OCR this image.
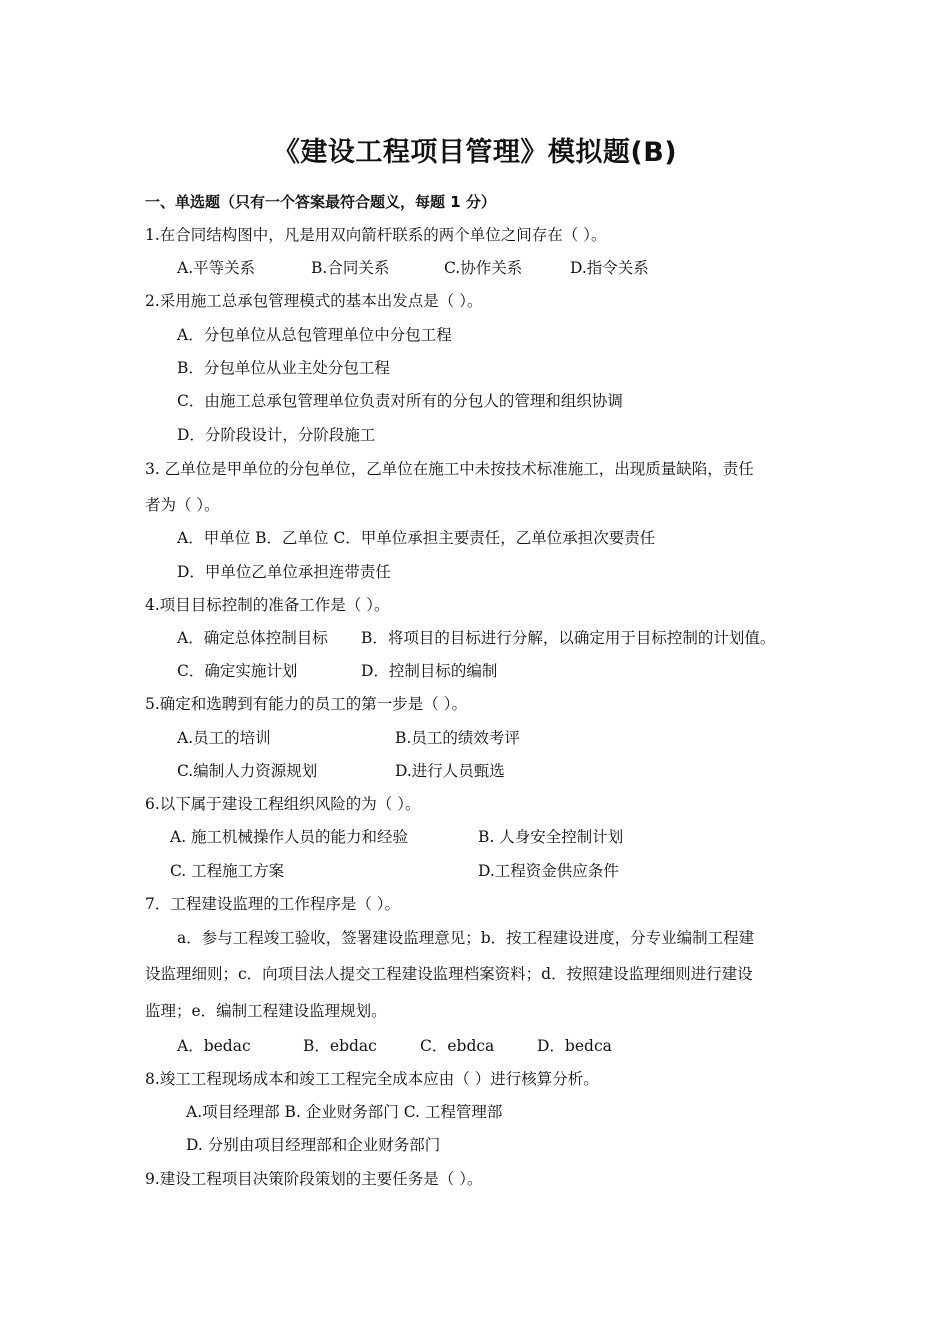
《建设工程项目管理》模拟题(B)
一、单选题（只有一个答案最符合题义，每题 1 分）
1.在合同结构图中，凡是用双向箭杆联系的两个单位之间存在（ ）。
A.平等关系	B.合同关系	C.协作关系	D.指令关系
2.采用施工总承包管理模式的基本出发点是（ ）。
A．分包单位从总包管理单位中分包工程
B．分包单位从业主处分包工程
C．由施工总承包管理单位负责对所有的分包人的管理和组织协调
D．分阶段设计，分阶段施工
3. 乙单位是甲单位的分包单位，乙单位在施工中未按技术标准施工，出现质量缺陷，责任
者为（ ）。
A．甲单位 B．乙单位 C．甲单位承担主要责任，乙单位承担次要责任
D．甲单位乙单位承担连带责任
4.项目目标控制的准备工作是（ ）。
A．确定总体控制目标 B．将项目的目标进行分解，以确定用于目标控制的计划值。
C．确定实施计划	D．控制目标的编制
5.确定和选聘到有能力的员工的第一步是（ ）。
A.员工的培训	B.员工的绩效考评
C.编制人力资源规划	D.进行人员甄选
6.以下属于建设工程组织风险的为（ ）。
A. 施工机械操作人员的能力和经验	B. 人身安全控制计划
C. 工程施工方案	D.工程资金供应条件
7．工程建设监理的工作程序是（ ）。
a．参与工程竣工验收，签署建设监理意见；b．按工程建设进度，分专业编制工程建
设监理细则；c．向项目法人提交工程建设监理档案资料；d．按照建设监理细则进行建设
监理；e．编制工程建设监理规划。
A．bedac	B．ebdac	C．ebdca	D．bedca
8.竣工工程现场成本和竣工工程完全成本应由（ ）进行核算分析。
A.项目经理部 B. 企业财务部门 C. 工程管理部
D. 分别由项目经理部和企业财务部门
9.建设工程项目决策阶段策划的主要任务是（ ）。
